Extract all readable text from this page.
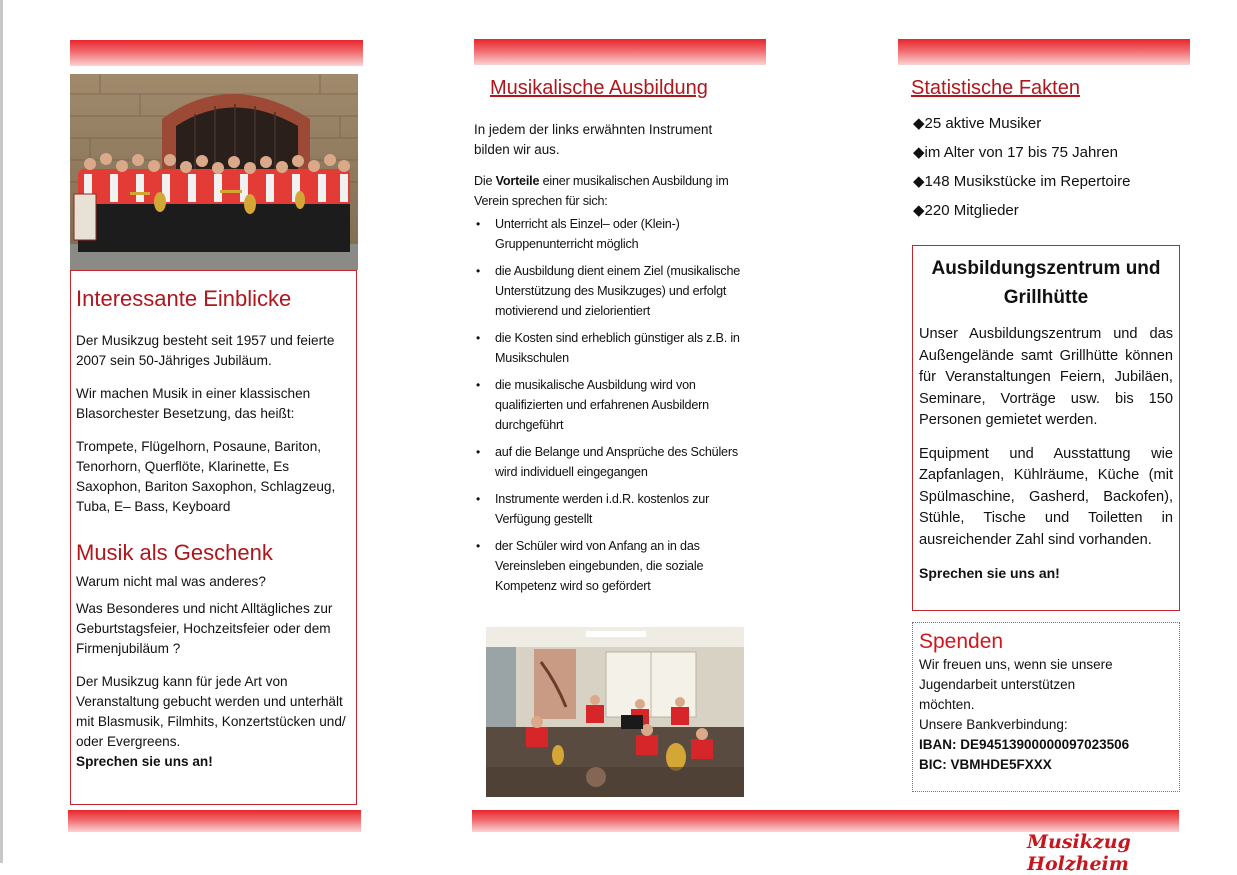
Interessante Einblicke

Der Musikzug besteht seit 1957 und feierte 2007 sein 50-Jähriges Jubiläum.

Wir machen Musik in einer klassischen Blasorchester Besetzung, das heißt:

Trompete, Flügelhorn, Posaune, Bariton, Tenorhorn, Querflöte, Klarinette, Es Saxophon, Bariton Saxophon, Schlagzeug, Tuba, E– Bass, Keyboard

Musik als Geschenk

Warum nicht mal was anderes?

Was Besonderes und nicht Alltägliches zur Geburtstagsfeier, Hochzeitsfeier oder dem Firmenjubiläum ?

Der Musikzug kann für jede Art von Veranstaltung gebucht werden und unterhält mit Blasmusik, Filmhits, Konzertstücken und/ oder Evergreens.

Sprechen sie uns an!

Musikalische Ausbildung

In jedem der links erwähnten Instrument bilden wir aus.

Die Vorteile einer musikalischen Ausbildung im Verein sprechen für sich:

• Unterricht als Einzel– oder (Klein-) Gruppenunterricht möglich
• die Ausbildung dient einem Ziel (musikalische Unterstützung des Musikzuges) und erfolgt motivierend und zielorientiert
• die Kosten sind erheblich günstiger als z.B. in Musikschulen
• die musikalische Ausbildung wird von qualifizierten und erfahrenen Ausbildern durchgeführt
• auf die Belange und Ansprüche des Schülers wird individuell eingegangen
• Instrumente werden i.d.R. kostenlos zur Verfügung gestellt
• der Schüler wird von Anfang an in das Vereinsleben eingebunden, die soziale Kompetenz wird so gefördert
Statistische Fakten
◆25 aktive Musiker
◆im Alter von 17 bis 75 Jahren
◆148 Musikstücke im Repertoire
◆220 Mitglieder
Ausbildungszentrum und Grillhütte

Unser Ausbildungszentrum und das Außengelände samt Grillhütte können für Veranstaltungen Feiern, Jubiläen, Seminare, Vorträge usw. bis 150 Personen gemietet werden.

Equipment und Ausstattung wie Zapfanlagen, Kühlräume, Küche (mit Spülmaschine, Gasherd, Backofen), Stühle, Tische und Toiletten in ausreichender Zahl sind vorhanden.

Sprechen sie uns an!

Spenden

Wir freuen uns, wenn sie unsere

Jugendarbeit unterstützen

möchten.

Unsere Bankverbindung:

IBAN: DE94513900000097023506

BIC: VBMHDE5FXXX

Musikzug Holzheim
